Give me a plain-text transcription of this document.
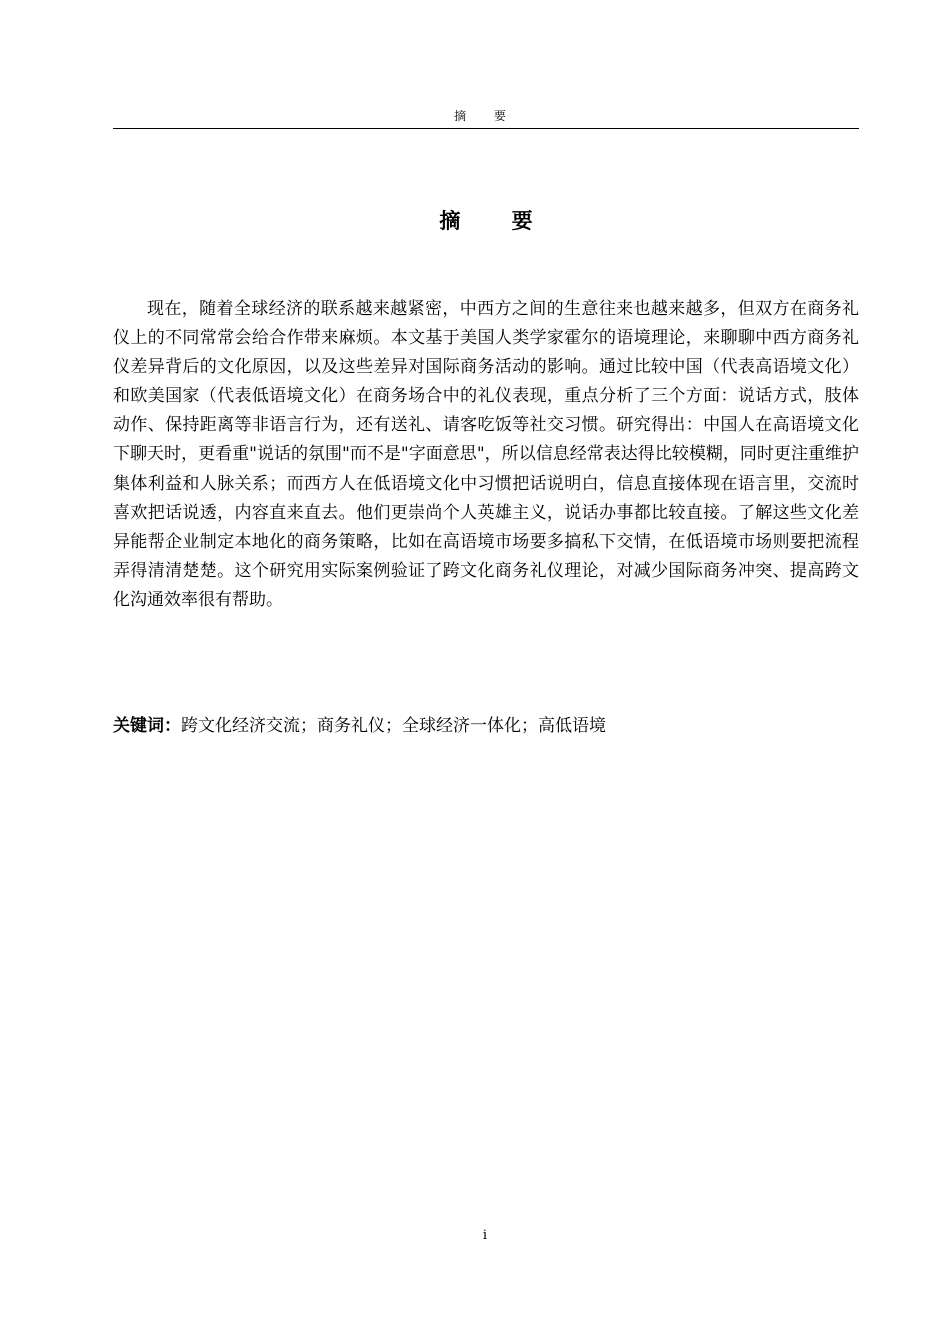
摘 要
摘 要

现在，随着全球经济的联系越来越紧密，中西方之间的生意往来也越来越多，但双方在商务礼仪上的不同常常会给合作带来麻烦。本文基于美国人类学家霍尔的语境理论，来聊聊中西方商务礼仪差异背后的文化原因，以及这些差异对国际商务活动的影响。通过比较中国（代表高语境文化）和欧美国家（代表低语境文化）在商务场合中的礼仪表现，重点分析了三个方面：说话方式，肢体动作、保持距离等非语言行为，还有送礼、请客吃饭等社交习惯。研究得出：中国人在高语境文化下聊天时，更看重"说话的氛围"而不是"字面意思"，所以信息经常表达得比较模糊，同时更注重维护集体利益和人脉关系；而西方人在低语境文化中习惯把话说明白，信息直接体现在语言里，交流时喜欢把话说透，内容直来直去。他们更崇尚个人英雄主义，说话办事都比较直接。了解这些文化差异能帮企业制定本地化的商务策略，比如在高语境市场要多搞私下交情，在低语境市场则要把流程弄得清清楚楚。这个研究用实际案例验证了跨文化商务礼仪理论，对减少国际商务冲突、提高跨文化沟通效率很有帮助。

关键词：跨文化经济交流；商务礼仪；全球经济一体化；高低语境
i
